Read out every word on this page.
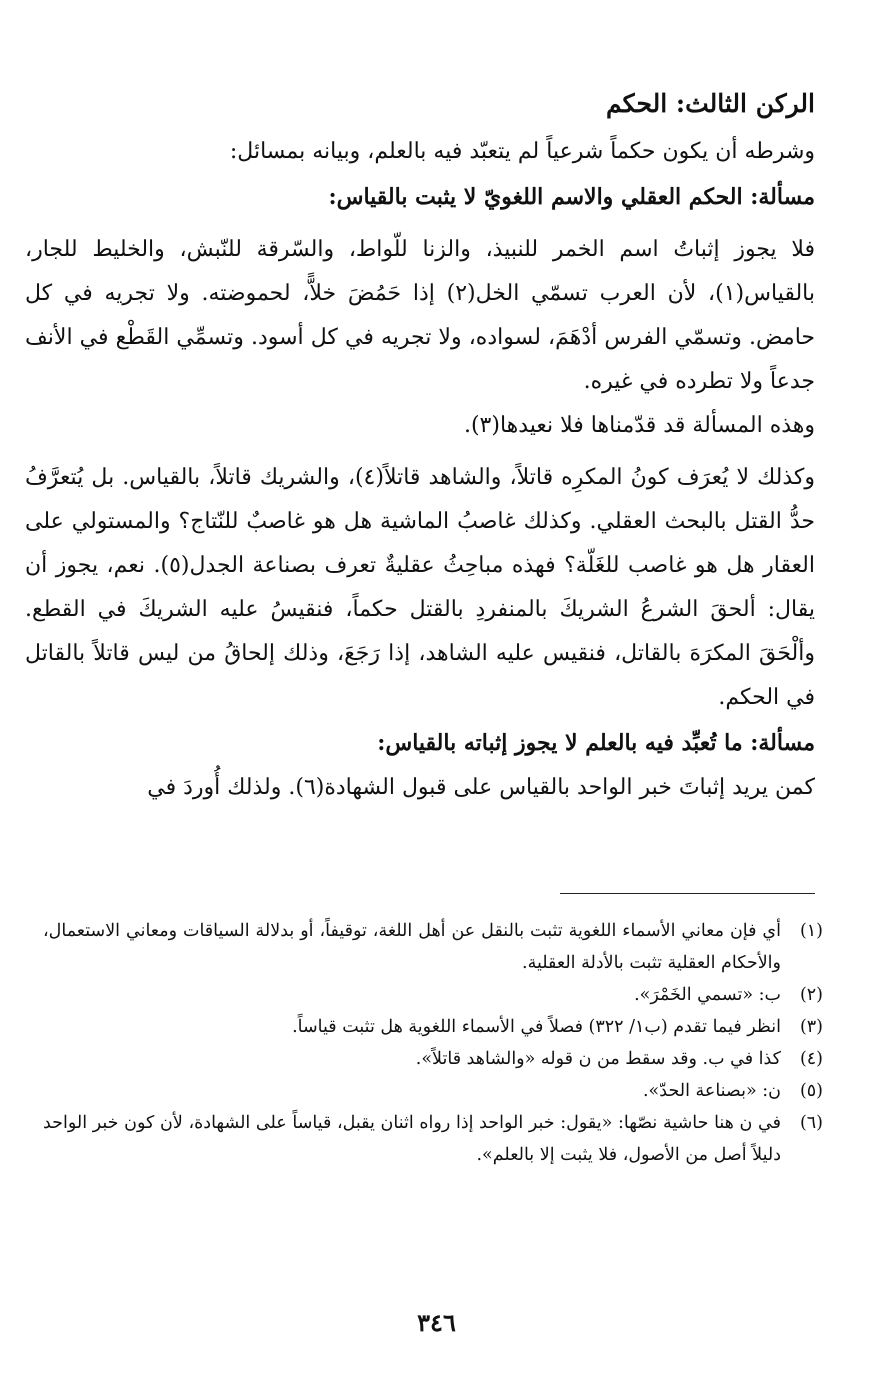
الركن الثالث: الحكم

وشرطه أن يكون حكماً شرعياً لم يتعبّد فيه بالعلم، وبيانه بمسائل:

مسألة: الحكم العقلي والاسم اللغويّ لا يثبت بالقياس:

فلا يجوز إثباتُ اسم الخمر للنبيذ، والزنا للّواط، والسّرقة للنّبش، والخليط للجار، بالقياس(١)، لأن العرب تسمّي الخل(٢) إذا حَمُضَ خلاًّ، لحموضته. ولا تجريه في كل حامض. وتسمّي الفرس أدْهَمَ، لسواده، ولا تجريه في كل أسود. وتسمِّي القَطْع في الأنف جدعاً ولا تطرده في غيره.

وهذه المسألة قد قدّمناها فلا نعيدها(٣).

وكذلك لا يُعرَف كونُ المكرِه قاتلاً، والشاهد قاتلاً(٤)، والشريك قاتلاً، بالقياس. بل يُتعرَّفُ حدُّ القتل بالبحث العقلي. وكذلك غاصبُ الماشية هل هو غاصبٌ للنّتاج؟ والمستولي على العقار هل هو غاصب للغَلّة؟ فهذه مباحِثُ عقليةٌ تعرف بصناعة الجدل(٥). نعم، يجوز أن يقال: ألحقَ الشرعُ الشريكَ بالمنفردِ بالقتل حكماً، فنقيسُ عليه الشريكَ في القطع. وألْحَقَ المكرَهَ بالقاتل، فنقيس عليه الشاهد، إذا رَجَعَ، وذلك إلحاقُ من ليس قاتلاً بالقاتل في الحكم.

مسألة: ما تُعبِّد فيه بالعلم لا يجوز إثباته بالقياس:

كمن يريد إثباتَ خبر الواحد بالقياس على قبول الشهادة(٦). ولذلك أُوردَ في

(١)
أي فإن معاني الأسماء اللغوية تثبت بالنقل عن أهل اللغة، توقيفاً، أو بدلالة السياقات ومعاني الاستعمال، والأحكام العقلية تثبت بالأدلة العقلية.
(٢)
ب: «تسمي الخَمْرَ».
(٣)
انظر فيما تقدم (ب١/ ٣٢٢) فصلاً في الأسماء اللغوية هل تثبت قياساً.
(٤)
كذا في ب. وقد سقط من ن قوله «والشاهد قاتلاً».
(٥)
ن: «بصناعة الحدّ».
(٦)
في ن هنا حاشية نصّها: «يقول: خبر الواحد إذا رواه اثنان يقبل، قياساً على الشهادة، لأن كون خبر الواحد دليلاً أصل من الأصول، فلا يثبت إلا بالعلم».
٣٤٦
